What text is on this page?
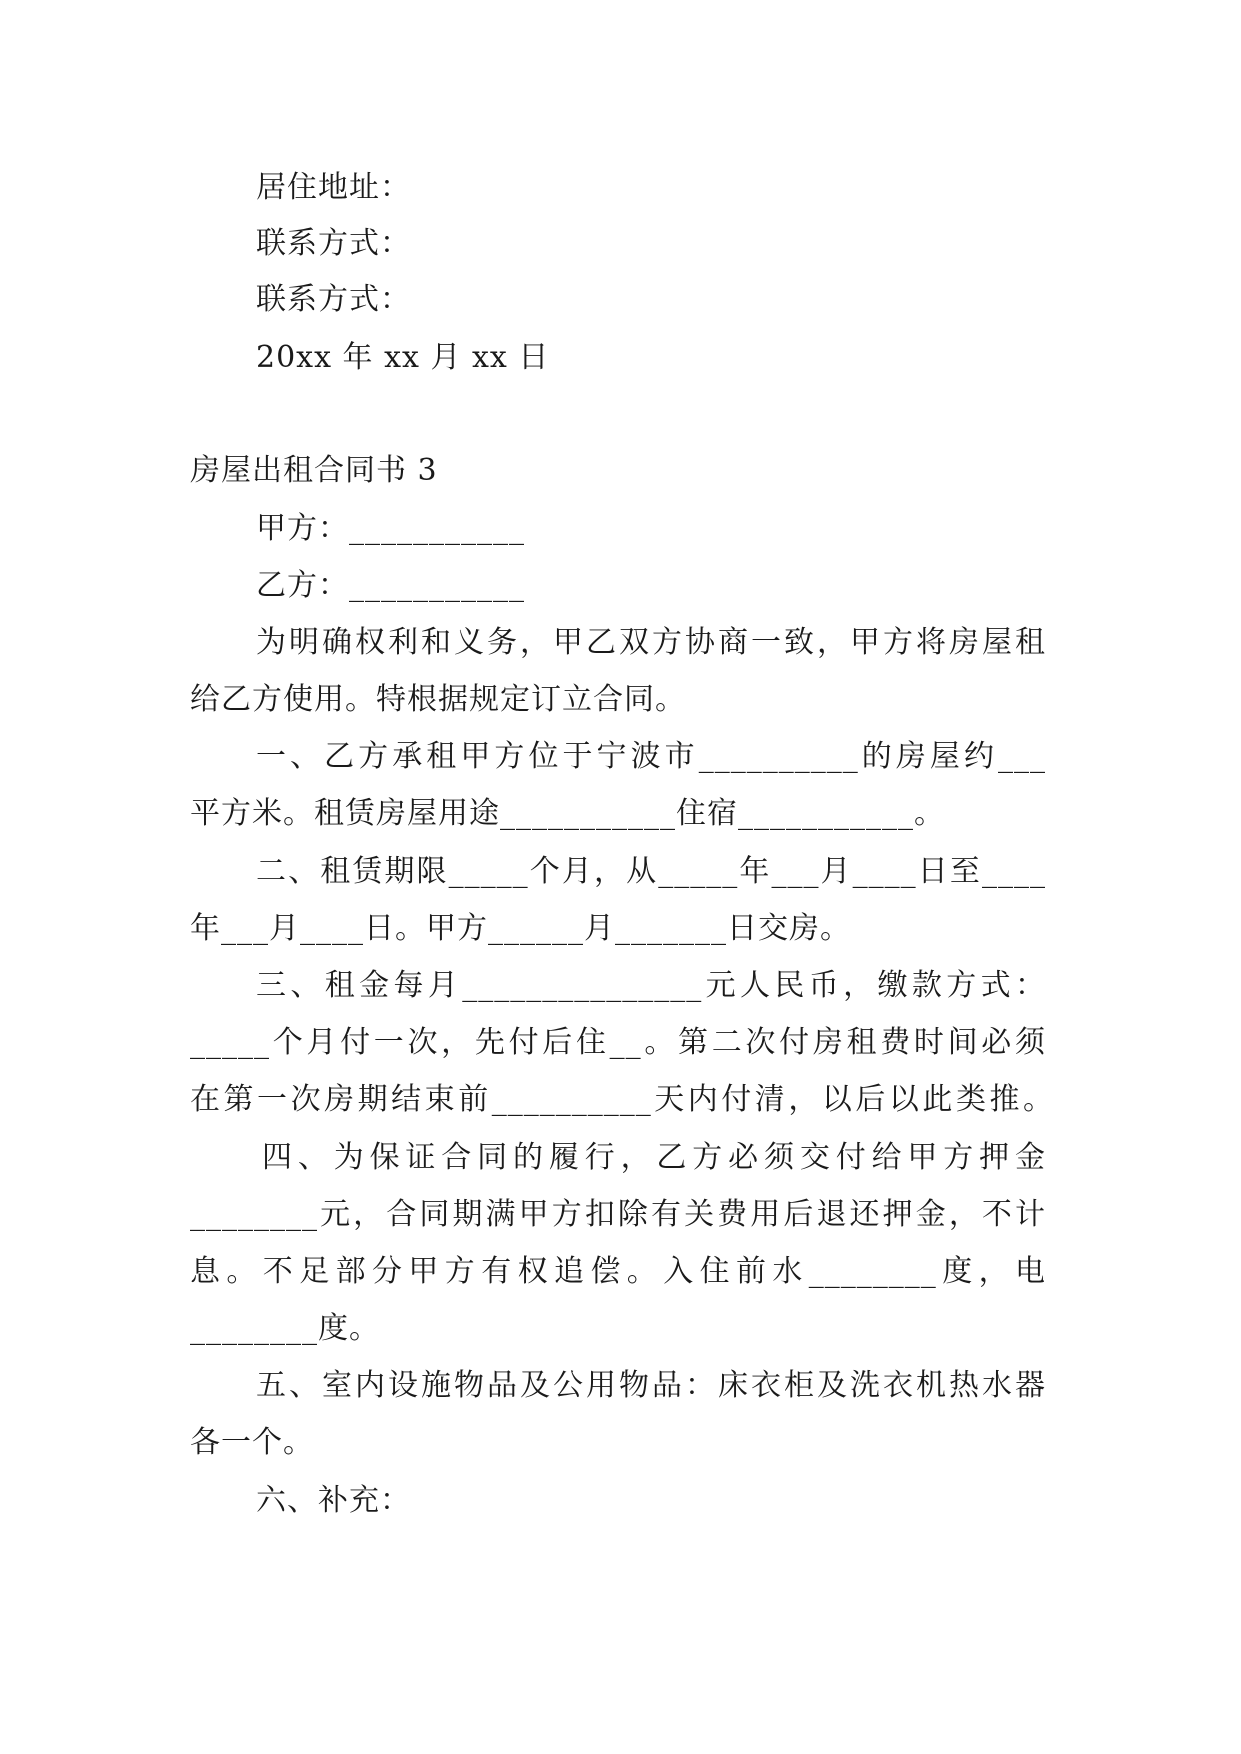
居住地址：
联系方式：
联系方式：
20xx 年 xx 月 xx 日
房屋出租合同书 3
甲方：___________
乙方：___________
为明确权利和义务，甲乙双方协商一致，甲方将房屋租
给乙方使用。特根据规定订立合同。
一、乙方承租甲方位于宁波市__________的房屋约___
平方米。租赁房屋用途___________住宿___________。
二、租赁期限_____个月，从_____年___月____日至____
年___月____日。甲方______月_______日交房。
三、租金每月_______________元人民币，缴款方式：
_____个月付一次，先付后住__。第二次付房租费时间必须
在第一次房期结束前__________天内付清，以后以此类推。
四、为保证合同的履行，乙方必须交付给甲方押金
________元，合同期满甲方扣除有关费用后退还押金，不计
息。不足部分甲方有权追偿。入住前水________度，电
________度。
五、室内设施物品及公用物品：床衣柜及洗衣机热水器
各一个。
六、补充：
